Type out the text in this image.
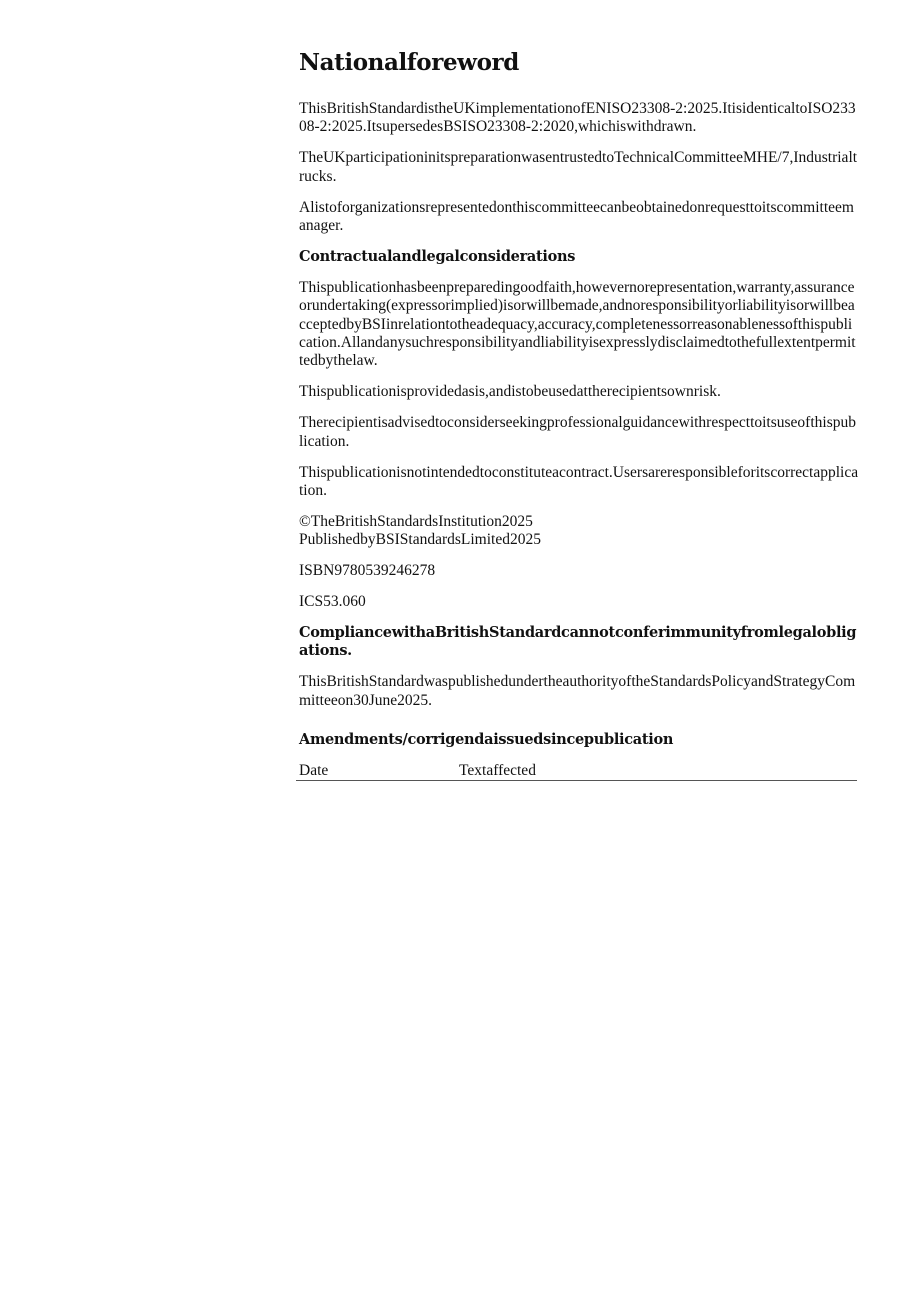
Nationalforeword

ThisBritishStandardistheUKimplementationofENISO23308-2:2025.ItisidenticaltoISO23308-2:2025.ItsupersedesBSISO23308-2:2020,whichiswithdrawn.

TheUKparticipationinitspreparationwasentrustedtoTechnicalCommitteeMHE/7,Industrialtrucks.

Alistoforganizationsrepresentedonthiscommitteecanbeobtainedonrequesttoitscommitteemanager.

Contractualandlegalconsiderations

Thispublicationhasbeenpreparedingoodfaith,howevernorepresentation,warranty,assuranceorundertaking(expressorimplied)isorwillbemade,andnoresponsibilityorliabilityisorwillbeacceptedbyBSIinrelationtotheadequacy,accuracy,completenessorreasonablenessofthispublication.Allandanysuchresponsibilityandliabilityisexpresslydisclaimedtothefullextentpermittedbythelaw.

Thispublicationisprovidedasis,andistobeusedattherecipientsownrisk.

Therecipientisadvisedtoconsiderseekingprofessionalguidancewithrespecttoitsuseofthispublication.

Thispublicationisnotintendedtoconstituteacontract.Usersareresponsibleforitscorrectapplication.

©TheBritishStandardsInstitution2025
PublishedbyBSIStandardsLimited2025

ISBN9780539246278

ICS53.060

CompliancewithaBritishStandardcannotconferimmunityfromlegalobligations.

ThisBritishStandardwaspublishedundertheauthorityoftheStandardsPolicyandStrategyCommitteeon30June2025.

Amendments/corrigendaissuedsincepublication

Date	Textaffected
